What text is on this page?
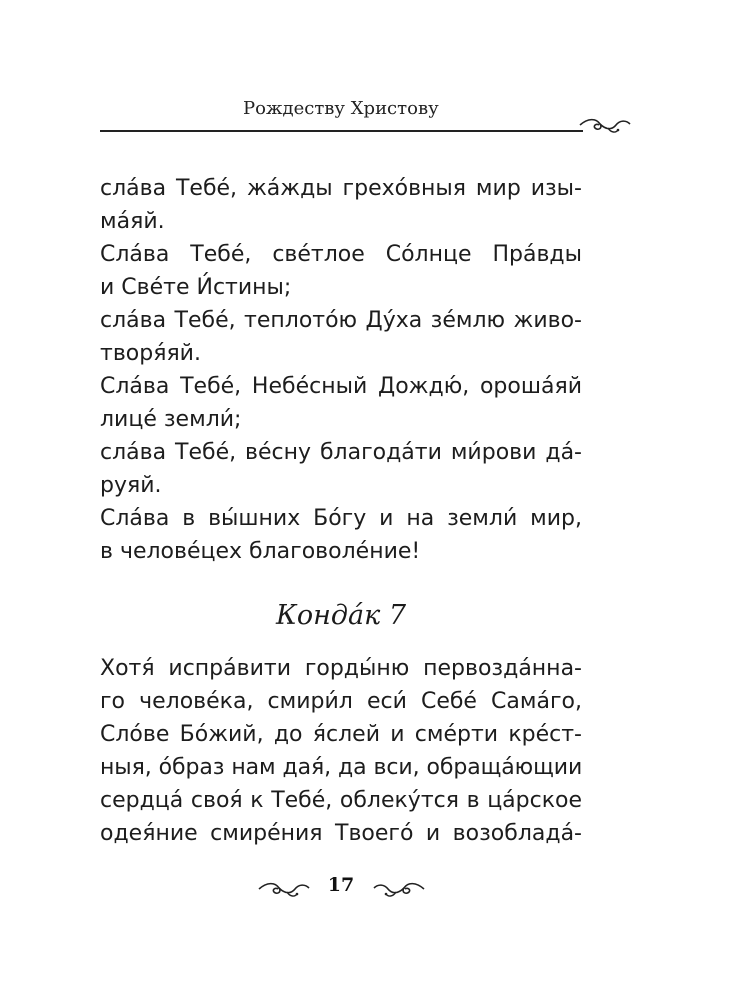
Рождеству Христову
сла́ва Тебе́, жа́жды грехо́вныя мир изы-
ма́яй.
Сла́ва Тебе́, све́тлое Со́лнце Пра́вды
и Све́те И́стины;
сла́ва Тебе́, теплото́ю Ду́ха зе́млю живо-
творя́яй.
Сла́ва Тебе́, Небе́сный Дождю́, ороша́яй
лице́ земли́;
сла́ва Тебе́, ве́сну благода́ти ми́рови да́-
руяй.
Сла́ва в вы́шних Бо́гу и на земли́ мир,
в челове́цех благоволе́ние!
Конда́к 7
Хотя́ испра́вити горды́ню первозда́нна-
го челове́ка, смири́л еси́ Себе́ Сама́го,
Сло́ве Бо́жий, до я́слей и сме́рти кре́ст-
ныя, о́браз нам дая́, да вси, обраща́ющии
сердца́ своя́ к Тебе́, облеку́тся в ца́рское
одея́ние смире́ния Твоего́ и возоблада́-
17
